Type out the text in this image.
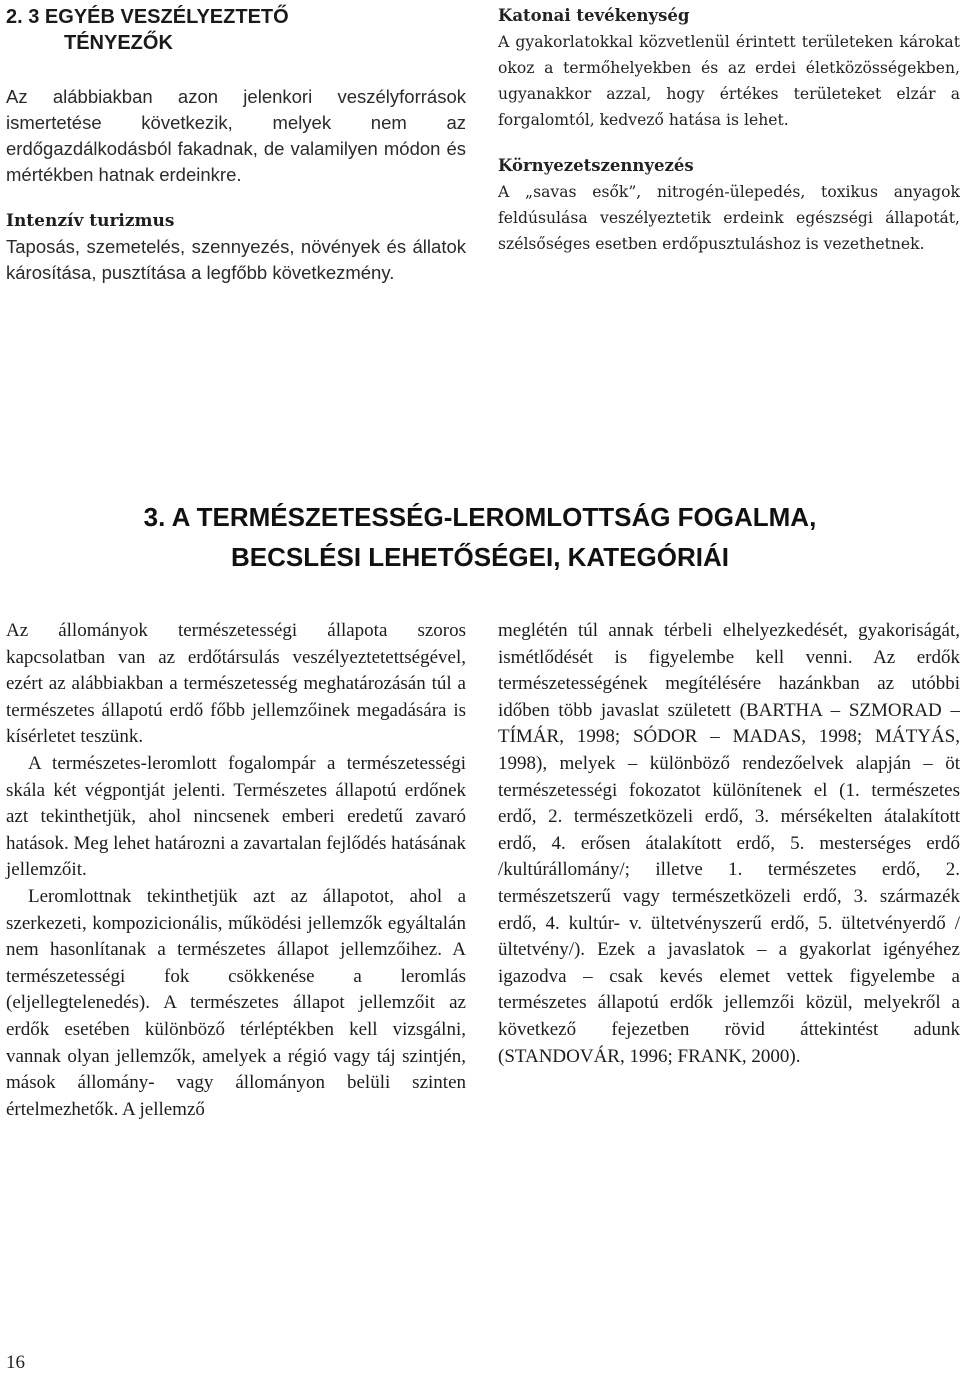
2. 3 EGYÉB VESZÉLYEZTETŐ
TÉNYEZŐK

Az alábbiakban azon jelenkori veszélyforrások ismertetése következik, melyek nem az erdőgazdálkodásból fakadnak, de valamilyen módon és mértékben hatnak erdeinkre.

Intenzív turizmus

Taposás, szemetelés, szennyezés, növények és állatok károsítása, pusztítása a legfőbb következmény.

Katonai tevékenység

A gyakorlatokkal közvetlenül érintett területeken károkat okoz a termőhelyekben és az erdei életközösségekben, ugyanakkor azzal, hogy értékes területeket elzár a forgalomtól, kedvező hatása is lehet.

Környezetszennyezés

A „savas esők”, nitrogén-ülepedés, toxikus anyagok feldúsulása veszélyeztetik erdeink egészségi állapotát, szélsőséges esetben erdőpusztuláshoz is vezethetnek.

3. A TERMÉSZETESSÉG-LEROMLOTTSÁG FOGALMA,
BECSLÉSI LEHETŐSÉGEI, KATEGÓRIÁI

Az állományok természetességi állapota szoros kapcsolatban van az erdőtársulás veszélyeztetettségével, ezért az alábbiakban a természetesség meghatározásán túl a természetes állapotú erdő főbb jellemzőinek megadására is kísérletet teszünk.

A természetes-leromlott fogalompár a természetességi skála két végpontját jelenti. Természetes állapotú erdőnek azt tekinthetjük, ahol nincsenek emberi eredetű zavaró hatások. Meg lehet határozni a zavartalan fejlődés hatásának jellemzőit.

Leromlottnak tekinthetjük azt az állapotot, ahol a szerkezeti, kompozicionális, működési jellemzők egyáltalán nem hasonlítanak a természetes állapot jellemzőihez. A természetességi fok csökkenése a leromlás (eljellegtelenedés). A természetes állapot jellemzőit az erdők esetében különböző térléptékben kell vizsgálni, vannak olyan jellemzők, amelyek a régió vagy táj szintjén, mások állomány- vagy állományon belüli szinten értelmezhetők. A jellemző

meglétén túl annak térbeli elhelyezkedését, gyakoriságát, ismétlődését is figyelembe kell venni. Az erdők természetességének megítélésére hazánkban az utóbbi időben több javaslat született (BARTHA – SZMORAD – TÍMÁR, 1998; SÓDOR – MADAS, 1998; MÁTYÁS, 1998), melyek – különböző rendezőelvek alapján – öt természetességi fokozatot különítenek el (1. természetes erdő, 2. természetközeli erdő, 3. mérsékelten átalakított erdő, 4. erősen átalakított erdő, 5. mesterséges erdő /kultúrállomány/; illetve 1. természetes erdő, 2. természetszerű vagy természetközeli erdő, 3. származék erdő, 4. kultúr- v. ültetvényszerű erdő, 5. ültetvényerdő /ültetvény/). Ezek a javaslatok – a gyakorlat igényéhez igazodva – csak kevés elemet vettek figyelembe a természetes állapotú erdők jellemzői közül, melyekről a következő fejezetben rövid áttekintést adunk (STANDOVÁR, 1996; FRANK, 2000).

16
